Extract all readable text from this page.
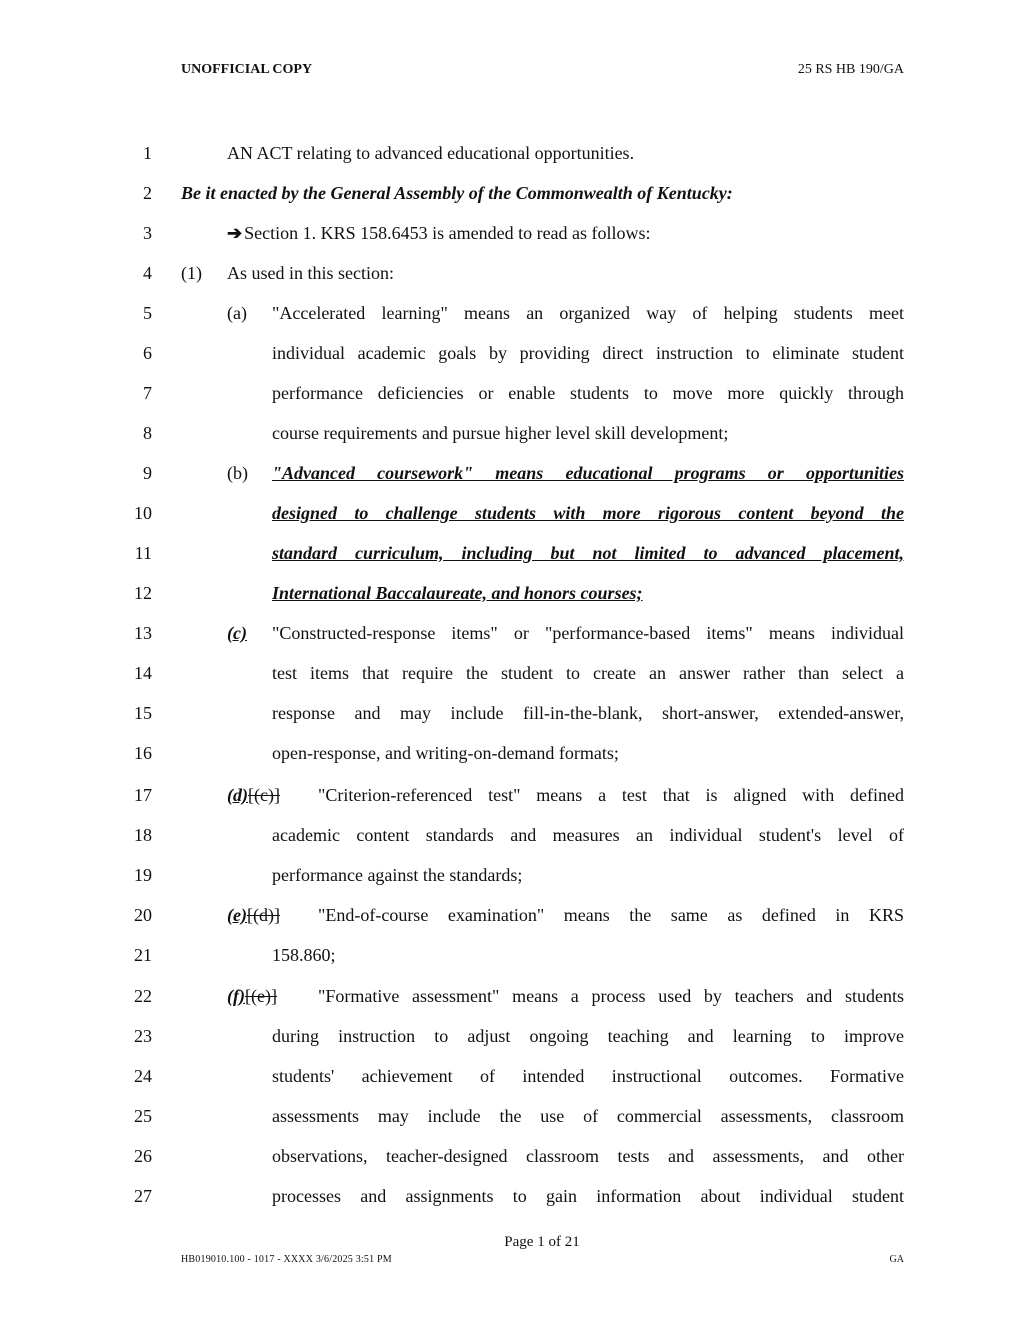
UNOFFICIAL COPY	25 RS HB 190/GA
1	AN ACT relating to advanced educational opportunities.
2 Be it enacted by the General Assembly of the Commonwealth of Kentucky:
3	➔ Section 1. KRS 158.6453 is amended to read as follows:
4 (1) As used in this section:
5	(a) "Accelerated learning" means an organized way of helping students meet
6	individual academic goals by providing direct instruction to eliminate student
7	performance deficiencies or enable students to move more quickly through
8	course requirements and pursue higher level skill development;
9	(b) "Advanced coursework" means educational programs or opportunities
10	designed to challenge students with more rigorous content beyond the
11	standard curriculum, including but not limited to advanced placement,
12	International Baccalaureate, and honors courses;
13	(c) "Constructed-response items" or "performance-based items" means individual
14	test items that require the student to create an answer rather than select a
15	response and may include fill-in-the-blank, short-answer, extended-answer,
16	open-response, and writing-on-demand formats;
17	(d)[(c)] "Criterion-referenced test" means a test that is aligned with defined
18	academic content standards and measures an individual student's level of
19	performance against the standards;
20	(e)[(d)] "End-of-course examination" means the same as defined in KRS
21	158.860;
22	(f)[(e)] "Formative assessment" means a process used by teachers and students
23	during instruction to adjust ongoing teaching and learning to improve
24	students' achievement of intended instructional outcomes. Formative
25	assessments may include the use of commercial assessments, classroom
26	observations, teacher-designed classroom tests and assessments, and other
27	processes and assignments to gain information about individual student
Page 1 of 21
HB019010.100 - 1017 - XXXX 3/6/2025 3:51 PM	GA
